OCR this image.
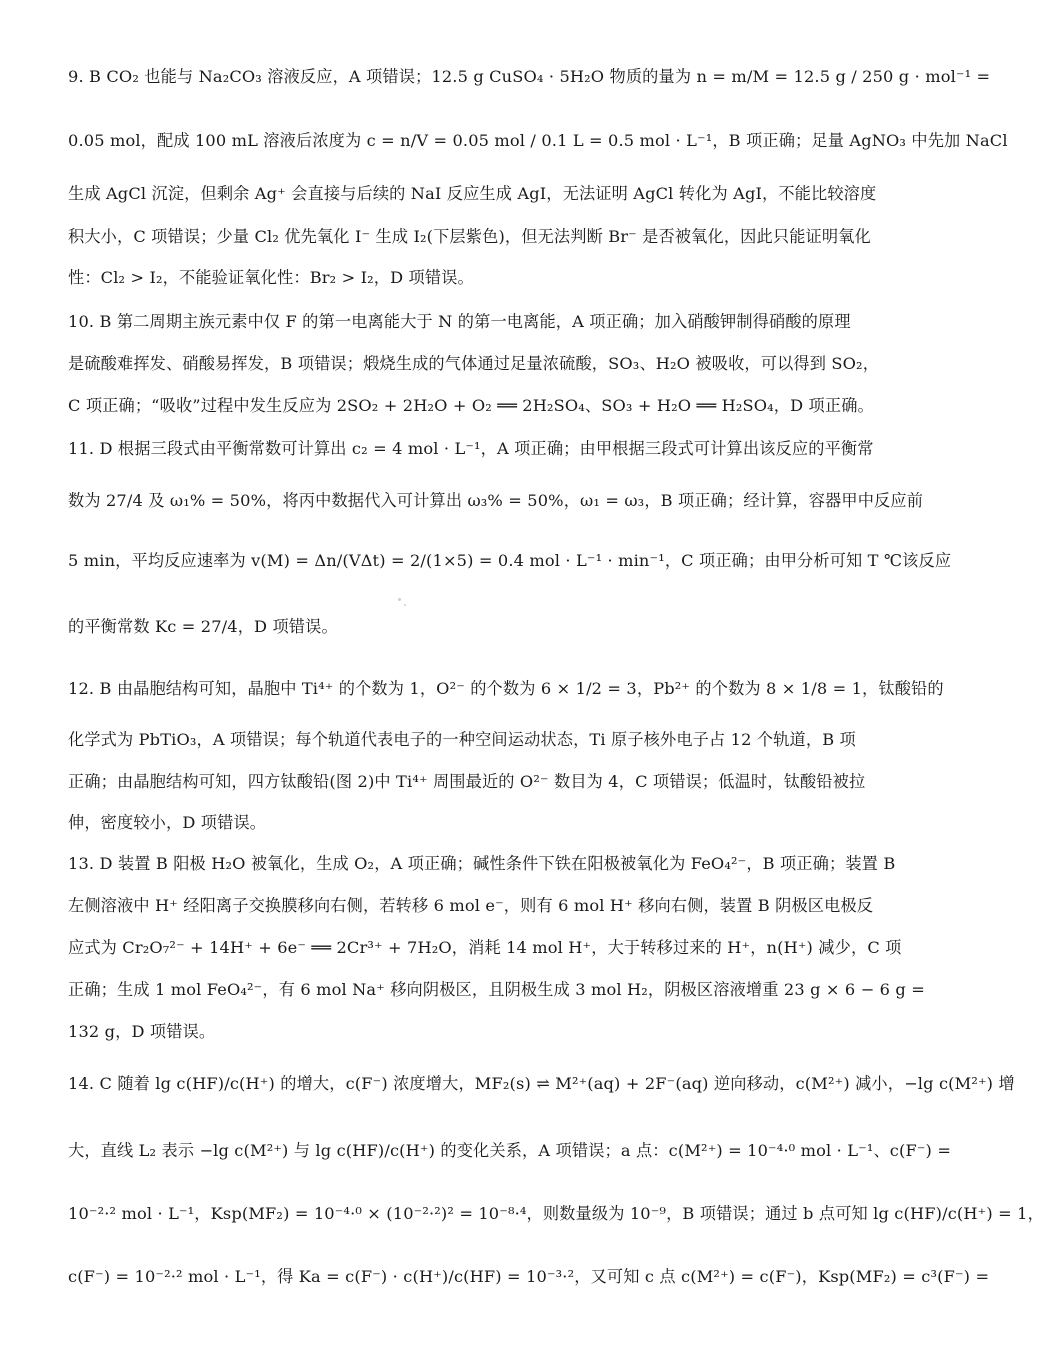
9. B CO₂ 也能与 Na₂CO₃ 溶液反应，A 项错误；12.5 g CuSO₄ · 5H₂O 物质的量为 n = m/M = 12.5 g / 250 g · mol⁻¹ =
0.05 mol，配成 100 mL 溶液后浓度为 c = n/V = 0.05 mol / 0.1 L = 0.5 mol · L⁻¹，B 项正确；足量 AgNO₃ 中先加 NaCl
生成 AgCl 沉淀，但剩余 Ag⁺ 会直接与后续的 NaI 反应生成 AgI，无法证明 AgCl 转化为 AgI，不能比较溶度
积大小，C 项错误；少量 Cl₂ 优先氧化 I⁻ 生成 I₂(下层紫色)，但无法判断 Br⁻ 是否被氧化，因此只能证明氧化
性：Cl₂ > I₂，不能验证氧化性：Br₂ > I₂，D 项错误。
10. B 第二周期主族元素中仅 F 的第一电离能大于 N 的第一电离能，A 项正确；加入硝酸钾制得硝酸的原理
是硫酸难挥发、硝酸易挥发，B 项错误；煅烧生成的气体通过足量浓硫酸，SO₃、H₂O 被吸收，可以得到 SO₂，
C 项正确；“吸收”过程中发生反应为 2SO₂ + 2H₂O + O₂ ══ 2H₂SO₄、SO₃ + H₂O ══ H₂SO₄，D 项正确。
11. D 根据三段式由平衡常数可计算出 c₂ = 4 mol · L⁻¹，A 项正确；由甲根据三段式可计算出该反应的平衡常
数为 27/4 及 ω₁% = 50%，将丙中数据代入可计算出 ω₃% = 50%，ω₁ = ω₃，B 项正确；经计算，容器甲中反应前
5 min，平均反应速率为 v(M) = Δn/(VΔt) = 2/(1×5) = 0.4 mol · L⁻¹ · min⁻¹，C 项正确；由甲分析可知 T ℃该反应
的平衡常数 Kc = 27/4，D 项错误。
12. B 由晶胞结构可知，晶胞中 Ti⁴⁺ 的个数为 1，O²⁻ 的个数为 6 × 1/2 = 3，Pb²⁺ 的个数为 8 × 1/8 = 1，钛酸铅的
化学式为 PbTiO₃，A 项错误；每个轨道代表电子的一种空间运动状态，Ti 原子核外电子占 12 个轨道，B 项
正确；由晶胞结构可知，四方钛酸铅(图 2)中 Ti⁴⁺ 周围最近的 O²⁻ 数目为 4，C 项错误；低温时，钛酸铅被拉
伸，密度较小，D 项错误。
13. D 装置 B 阳极 H₂O 被氧化，生成 O₂，A 项正确；碱性条件下铁在阳极被氧化为 FeO₄²⁻，B 项正确；装置 B
左侧溶液中 H⁺ 经阳离子交换膜移向右侧，若转移 6 mol e⁻，则有 6 mol H⁺ 移向右侧，装置 B 阴极区电极反
应式为 Cr₂O₇²⁻ + 14H⁺ + 6e⁻ ══ 2Cr³⁺ + 7H₂O，消耗 14 mol H⁺，大于转移过来的 H⁺，n(H⁺) 减少，C 项
正确；生成 1 mol FeO₄²⁻，有 6 mol Na⁺ 移向阴极区，且阴极生成 3 mol H₂，阴极区溶液增重 23 g × 6 − 6 g =
132 g，D 项错误。
14. C 随着 lg c(HF)/c(H⁺) 的增大，c(F⁻) 浓度增大，MF₂(s) ⇌ M²⁺(aq) + 2F⁻(aq) 逆向移动，c(M²⁺) 减小，−lg c(M²⁺) 增
大，直线 L₂ 表示 −lg c(M²⁺) 与 lg c(HF)/c(H⁺) 的变化关系，A 项错误；a 点：c(M²⁺) = 10⁻⁴·⁰ mol · L⁻¹、c(F⁻) =
10⁻²·² mol · L⁻¹，Ksp(MF₂) = 10⁻⁴·⁰ × (10⁻²·²)² = 10⁻⁸·⁴，则数量级为 10⁻⁹，B 项错误；通过 b 点可知 lg c(HF)/c(H⁺) = 1，
c(F⁻) = 10⁻²·² mol · L⁻¹，得 Ka = c(F⁻) · c(H⁺)/c(HF) = 10⁻³·²，又可知 c 点 c(M²⁺) = c(F⁻)，Ksp(MF₂) = c³(F⁻) =
